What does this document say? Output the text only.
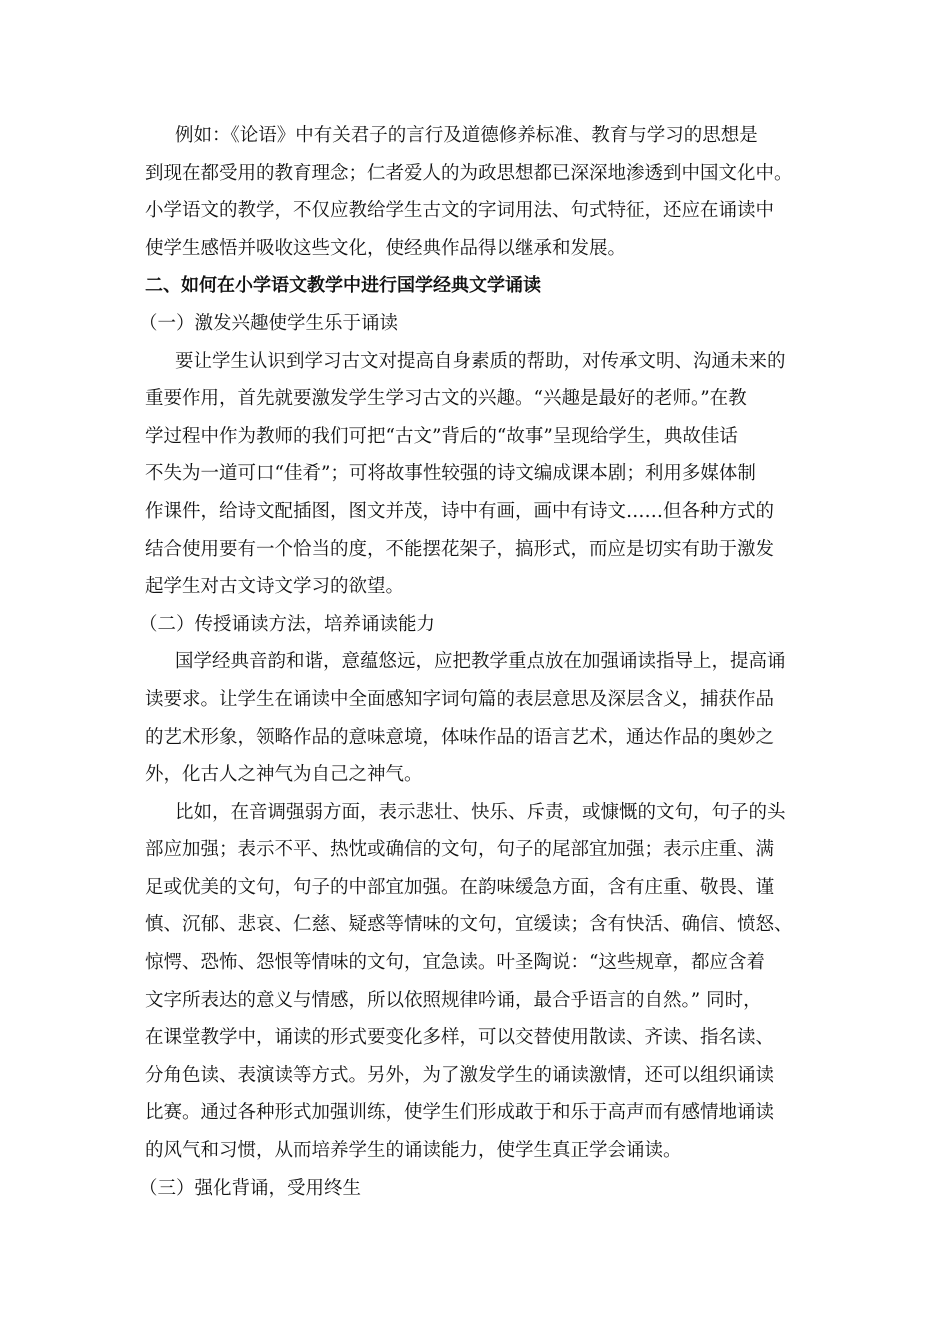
例如：《论语》中有关君子的言行及道德修养标准、教育与学习的思想是
到现在都受用的教育理念；仁者爱人的为政思想都已深深地渗透到中国文化中。
小学语文的教学，不仅应教给学生古文的字词用法、句式特征，还应在诵读中
使学生感悟并吸收这些文化，使经典作品得以继承和发展。
二、如何在小学语文教学中进行国学经典文学诵读
（一）激发兴趣使学生乐于诵读
要让学生认识到学习古文对提高自身素质的帮助，对传承文明、沟通未来的
重要作用，首先就要激发学生学习古文的兴趣。“兴趣是最好的老师。”在教
学过程中作为教师的我们可把“古文”背后的“故事”呈现给学生，典故佳话
不失为一道可口“佳肴”；可将故事性较强的诗文编成课本剧；利用多媒体制
作课件，给诗文配插图，图文并茂，诗中有画，画中有诗文……但各种方式的
结合使用要有一个恰当的度，不能摆花架子，搞形式，而应是切实有助于激发
起学生对古文诗文学习的欲望。
（二）传授诵读方法，培养诵读能力
国学经典音韵和谐，意蕴悠远，应把教学重点放在加强诵读指导上，提高诵
读要求。让学生在诵读中全面感知字词句篇的表层意思及深层含义，捕获作品
的艺术形象，领略作品的意味意境，体味作品的语言艺术，通达作品的奥妙之
外，化古人之神气为自己之神气。
比如，在音调强弱方面，表示悲壮、快乐、斥责，或慷慨的文句，句子的头
部应加强；表示不平、热忱或确信的文句，句子的尾部宜加强；表示庄重、满
足或优美的文句，句子的中部宜加强。在韵味缓急方面，含有庄重、敬畏、谨
慎、沉郁、悲哀、仁慈、疑惑等情味的文句，宜缓读；含有快活、确信、愤怒、
惊愕、恐怖、怨恨等情味的文句，宜急读。叶圣陶说：“这些规章，都应含着
文字所表达的意义与情感，所以依照规律吟诵，最合乎语言的自然。” 同时，
在课堂教学中，诵读的形式要变化多样，可以交替使用散读、齐读、指名读、
分角色读、表演读等方式。另外，为了激发学生的诵读激情，还可以组织诵读
比赛。通过各种形式加强训练，使学生们形成敢于和乐于高声而有感情地诵读
的风气和习惯，从而培养学生的诵读能力，使学生真正学会诵读。
（三）强化背诵，受用终生
